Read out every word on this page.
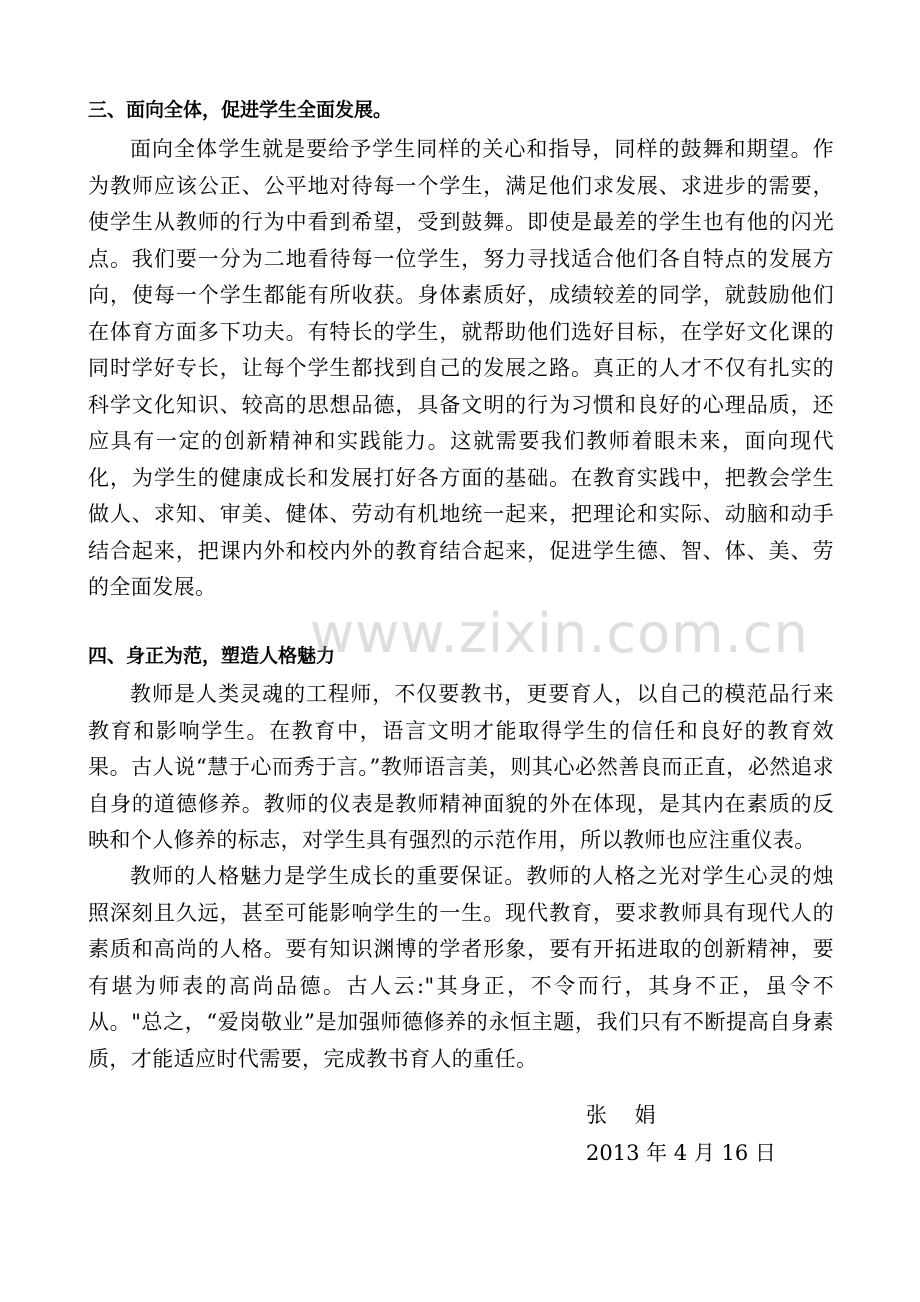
三、面向全体，促进学生全面发展。
面向全体学生就是要给予学生同样的关心和指导，同样的鼓舞和期望。作为教师应该公正、公平地对待每一个学生，满足他们求发展、求进步的需要，使学生从教师的行为中看到希望，受到鼓舞。即使是最差的学生也有他的闪光点。我们要一分为二地看待每一位学生，努力寻找适合他们各自特点的发展方向，使每一个学生都能有所收获。身体素质好，成绩较差的同学，就鼓励他们在体育方面多下功夫。有特长的学生，就帮助他们选好目标，在学好文化课的同时学好专长，让每个学生都找到自己的发展之路。真正的人才不仅有扎实的科学文化知识、较高的思想品德，具备文明的行为习惯和良好的心理品质，还应具有一定的创新精神和实践能力。这就需要我们教师着眼未来，面向现代化，为学生的健康成长和发展打好各方面的基础。在教育实践中，把教会学生做人、求知、审美、健体、劳动有机地统一起来，把理论和实际、动脑和动手结合起来，把课内外和校内外的教育结合起来，促进学生德、智、体、美、劳的全面发展。
四、身正为范，塑造人格魅力
教师是人类灵魂的工程师，不仅要教书，更要育人，以自己的模范品行来教育和影响学生。在教育中，语言文明才能取得学生的信任和良好的教育效果。古人说“慧于心而秀于言。”教师语言美，则其心必然善良而正直，必然追求自身的道德修养。教师的仪表是教师精神面貌的外在体现，是其内在素质的反映和个人修养的标志，对学生具有强烈的示范作用，所以教师也应注重仪表。
教师的人格魅力是学生成长的重要保证。教师的人格之光对学生心灵的烛照深刻且久远，甚至可能影响学生的一生。现代教育，要求教师具有现代人的素质和高尚的人格。要有知识渊博的学者形象，要有开拓进取的创新精神，要有堪为师表的高尚品德。古人云:"其身正，不令而行，其身不正，虽令不从。"总之，“爱岗敬业”是加强师德修养的永恒主题，我们只有不断提高自身素质，才能适应时代需要，完成教书育人的重任。
张　 娟
2013 年 4 月 16 日
www.zixin.com.cn
